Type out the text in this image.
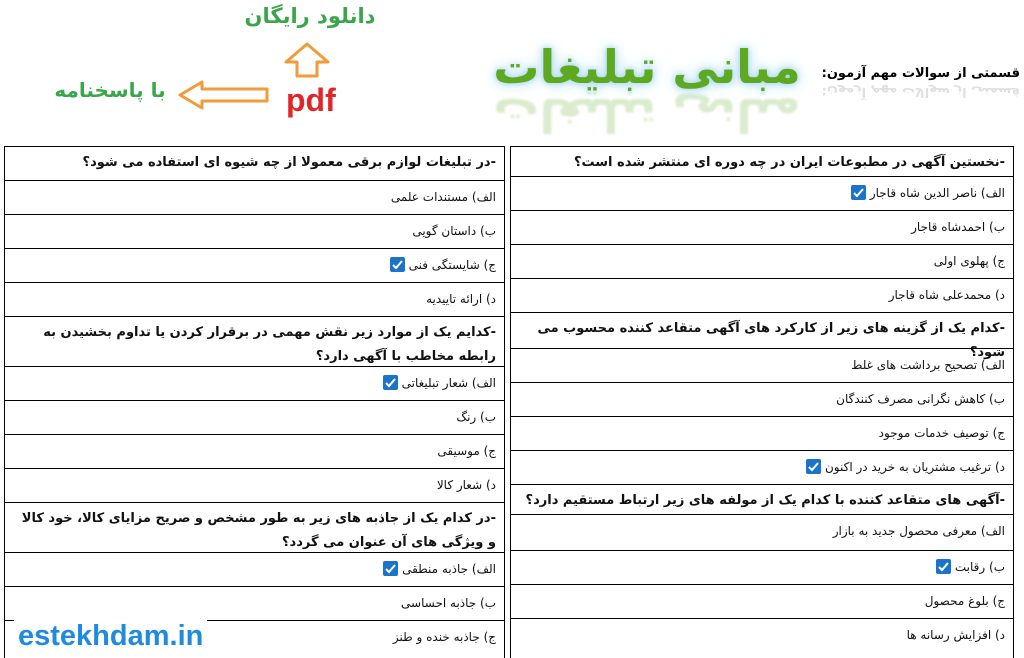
دانلود رایگان
pdf
با پاسخنامه	مبانی تبلیغات
مبانی تبلیغات	قسمتی از سوالات مهم آزمون:
قسمتی از سوالات مهم آزمون:
-در تبلیغات لوازم برقی معمولا از چه شیوه ای استفاده می شود؟
الف) مستندات علمی
ب) داستان گویی
ج) شایستگی فنی
د) ارائه تاییدیه
-کدایم یک از موارد زیر نقش مهمی در برقرار کردن یا تداوم بخشیدن به رابطه مخاطب با آگهی دارد؟
الف) شعار تبلیغاتی
ب) رنگ
ج) موسیقی
د) شعار کالا
-در کدام یک از جاذبه های زیر به طور مشخص و صریح مزایای کالا، خود کالا و ویژگی های آن عنوان می گردد؟
الف) جاذبه منطقی
ب) جاذبه احساسی
ج) جاذبه خنده و طنز
-نخستین آگهی در مطبوعات ایران در چه دوره ای منتشر شده است؟
الف) ناصر الدین شاه قاجار
ب) احمدشاه قاجار
ج) پهلوی اولی
د) محمدعلی شاه قاجار
-کدام یک از گزینه های زیر از کارکرد های آگهی متقاعد کننده محسوب می شود؟
الف) تصحیح برداشت های غلط
ب) کاهش نگرانی مصرف کنندگان
ج) توصیف خدمات موجود
د) ترغیب مشتریان به خرید در اکنون
-آگهی های متقاعد کننده با کدام یک از مولفه های زیر ارتباط مستقیم دارد؟
الف) معرفی محصول جدید به بازار
ب) رقابت
ج) بلوغ محصول
د) افزایش رسانه ها
estekhdam.in
